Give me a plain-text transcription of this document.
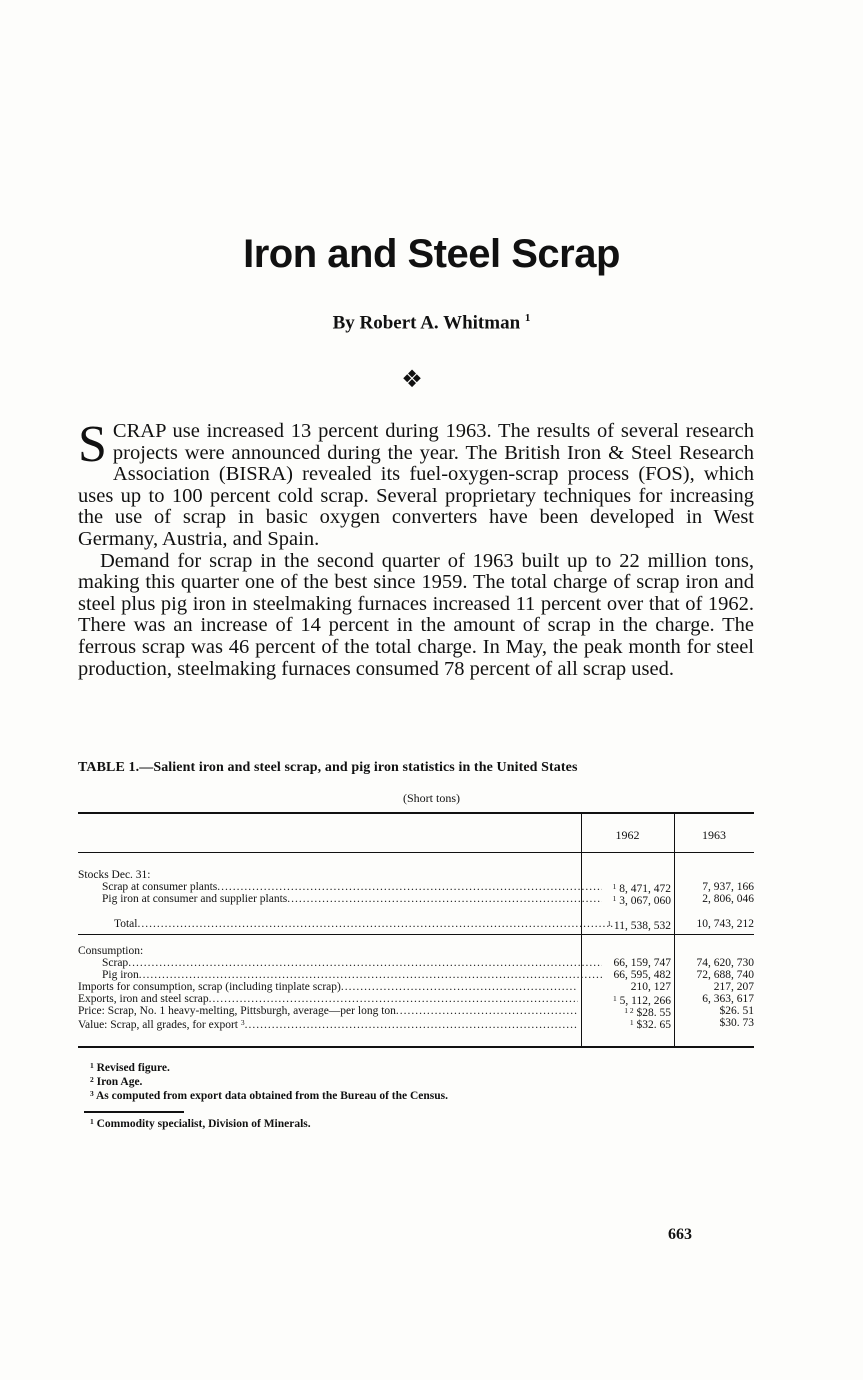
Iron and Steel Scrap
By Robert A. Whitman $^1$
❖

SCRAP use increased 13 percent during 1963. The results of several research projects were announced during the year. The British Iron & Steel Research Association (BISRA) revealed its fuel-oxygen-scrap process (FOS), which uses up to 100 percent cold scrap. Several proprietary techniques for increasing the use of scrap in basic oxygen converters have been developed in West Germany, Austria, and Spain.

Demand for scrap in the second quarter of 1963 built up to 22 million tons, making this quarter one of the best since 1959. The total charge of scrap iron and steel plus pig iron in steelmaking furnaces increased 11 percent over that of 1962. There was an increase of 14 percent in the amount of scrap in the charge. The ferrous scrap was 46 percent of the total charge. In May, the peak month for steel production, steelmaking furnaces consumed 78 percent of all scrap used.

TABLE 1.—Salient iron and steel scrap, and pig iron statistics in the United States
(Short tons)
1962	1963
Stocks Dec. 31:
Scrap at consumer plants .....	$^1$ 8, 471, 472	7, 937, 166
Pig iron at consumer and supplier plants .....	$^1$ 3, 067, 060	2, 806, 046
Total .....	$^1$ 11, 538, 532	10, 743, 212
Consumption:
Scrap .....	66, 159, 747	74, 620, 730
Pig iron .....	66, 595, 482	72, 688, 740
Imports for consumption, scrap (including tinplate scrap) .....	210, 127	217, 207
Exports, iron and steel scrap .....	$^1$ 5, 112, 266	6, 363, 617
Price: Scrap, No. 1 heavy-melting, Pittsburgh, average—per long ton .....	$^{1 2}$ $28. 55	$26. 51
Value: Scrap, all grades, for export $^3$ .....	$^1$ $32. 65	$30. 73
$^1$ Revised figure.
$^2$ Iron Age.
$^3$ As computed from export data obtained from the Bureau of the Census.
$^1$ Commodity specialist, Division of Minerals.
663
